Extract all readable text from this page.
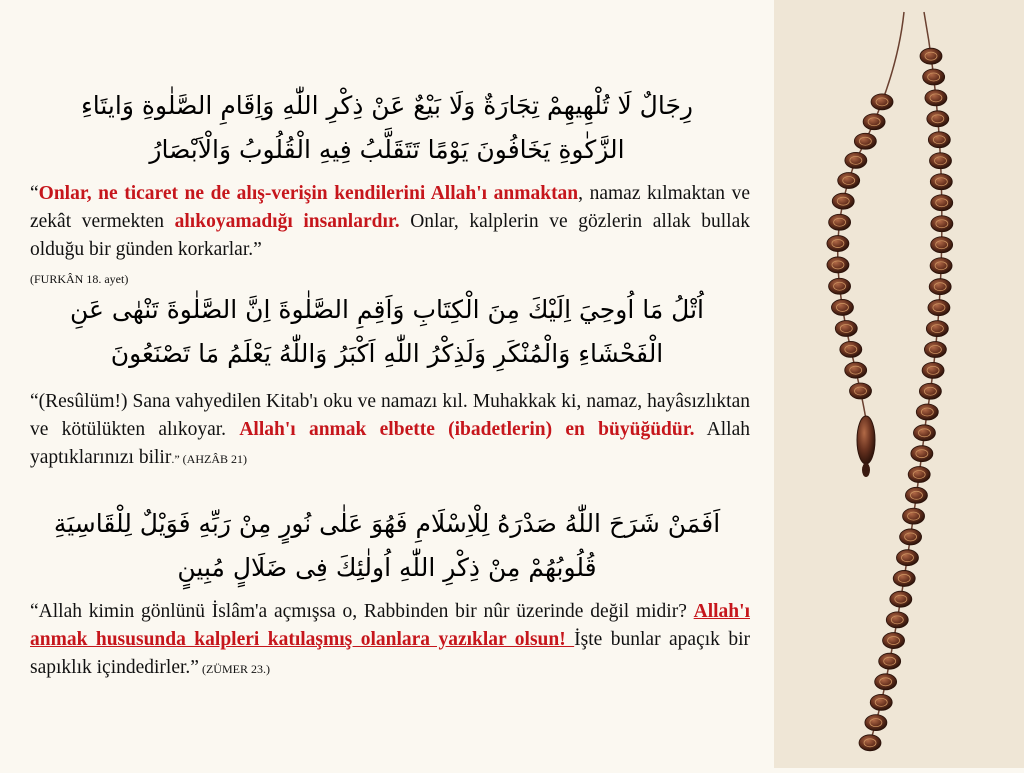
رِجَالٌ لَا تُلْهِيهِمْ تِجَارَةٌ وَلَا بَيْعٌ عَنْ ذِكْرِ اللّٰهِ وَاِقَامِ الصَّلٰوةِ وَايتَاءِ
الزَّكٰوةِ يَخَافُونَ يَوْمًا تَتَقَلَّبُ فِيهِ الْقُلُوبُ وَالْاَبْصَارُ

“Onlar, ne ticaret ne de alış-verişin kendilerini Allah'ı anmaktan, namaz kılmaktan ve zekât vermekten alıkoyamadığı insanlardır. Onlar, kalplerin ve gözlerin allak bullak olduğu bir günden korkarlar.”
(FURKÂN 18. ayet)

اُتْلُ مَا اُوحِيَ اِلَيْكَ مِنَ الْكِتَابِ وَاَقِمِ الصَّلٰوةَ اِنَّ الصَّلٰوةَ تَنْهٰى عَنِ
الْفَحْشَاءِ وَالْمُنْكَرِ وَلَذِكْرُ اللّٰهِ اَكْبَرُ وَاللّٰهُ يَعْلَمُ مَا تَصْنَعُونَ

“(Resûlüm!) Sana vahyedilen Kitab'ı oku ve namazı kıl. Muhakkak ki, namaz, hayâsızlıktan ve kötülükten alıkoyar. Allah'ı anmak elbette (ibadetlerin) en büyüğüdür. Allah yaptıklarınızı bilir.” (AHZÂB 21)

اَفَمَنْ شَرَحَ اللّٰهُ صَدْرَهُ لِلْاِسْلَامِ فَهُوَ عَلٰى نُورٍ مِنْ رَبِّهِ فَوَيْلٌ لِلْقَاسِيَةِ
قُلُوبُهُمْ مِنْ ذِكْرِ اللّٰهِ اُولٰئِكَ فِى ضَلَالٍ مُبِينٍ

“Allah kimin gönlünü İslâm'a açmışsa o, Rabbinden bir nûr üzerinde değil midir? Allah'ı anmak hususunda kalpleri katılaşmış olanlara yazıklar olsun! İşte bunlar apaçık bir sapıklık içindedirler.” (ZÜMER 23.)
